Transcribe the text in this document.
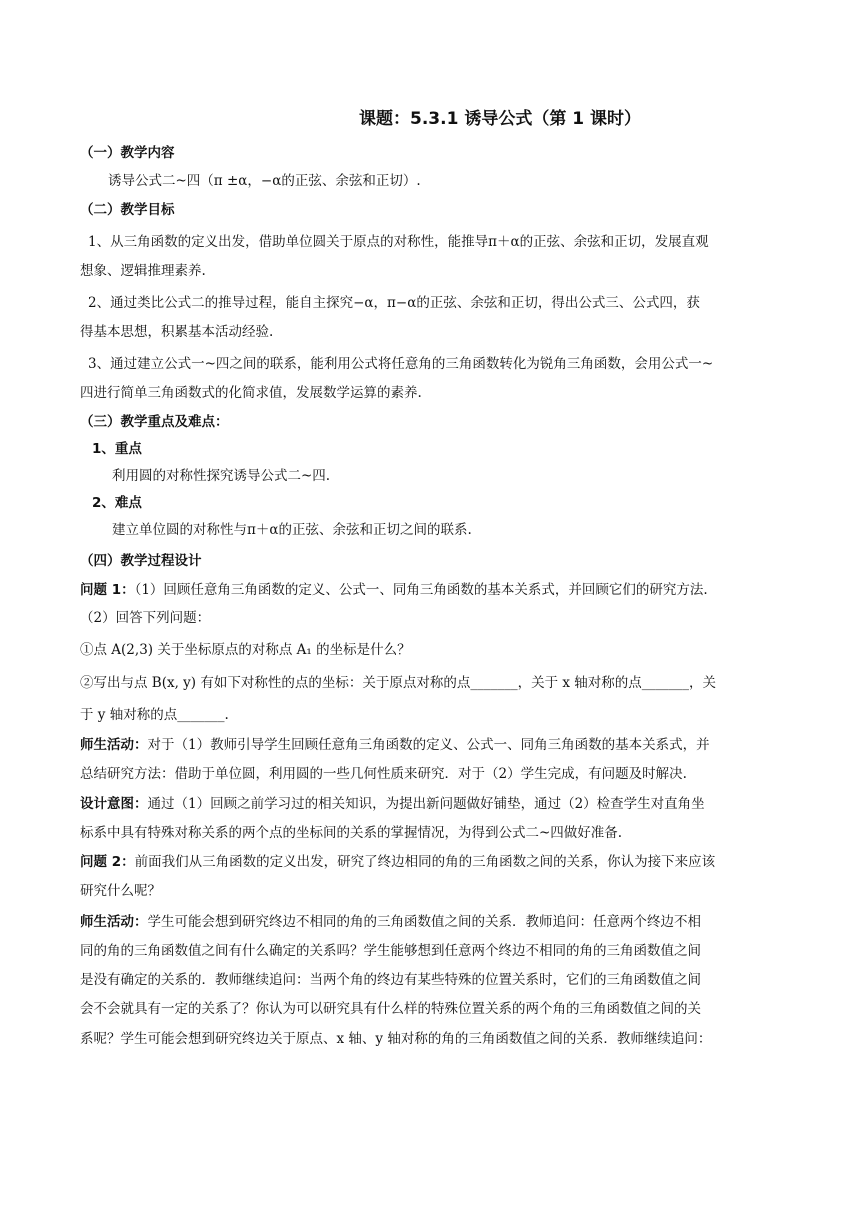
课题：5.3.1 诱导公式（第 1 课时）
（一）教学内容
诱导公式二~四（π ±α，−α的正弦、余弦和正切）.
（二）教学目标
1、从三角函数的定义出发，借助单位圆关于原点的对称性，能推导π＋α的正弦、余弦和正切，发展直观
想象、逻辑推理素养.
2、通过类比公式二的推导过程，能自主探究−α，π−α的正弦、余弦和正切，得出公式三、公式四，获
得基本思想，积累基本活动经验.
3、通过建立公式一~四之间的联系，能利用公式将任意角的三角函数转化为锐角三角函数，会用公式一~
四进行简单三角函数式的化简求值，发展数学运算的素养.
（三）教学重点及难点：
1、重点
利用圆的对称性探究诱导公式二~四.
2、难点
建立单位圆的对称性与π＋α的正弦、余弦和正切之间的联系.
（四）教学过程设计
问题 1：（1）回顾任意角三角函数的定义、公式一、同角三角函数的基本关系式，并回顾它们的研究方法.
（2）回答下列问题：
①点 A(2,3) 关于坐标原点的对称点 A₁ 的坐标是什么？
②写出与点 B(x, y) 有如下对称性的点的坐标：关于原点对称的点_______，关于 x 轴对称的点_______，关
于 y 轴对称的点_______.
师生活动：对于（1）教师引导学生回顾任意角三角函数的定义、公式一、同角三角函数的基本关系式，并
总结研究方法：借助于单位圆，利用圆的一些几何性质来研究．对于（2）学生完成，有问题及时解决.
设计意图：通过（1）回顾之前学习过的相关知识，为提出新问题做好铺垫，通过（2）检查学生对直角坐
标系中具有特殊对称关系的两个点的坐标间的关系的掌握情况，为得到公式二~四做好准备.
问题 2：前面我们从三角函数的定义出发，研究了终边相同的角的三角函数之间的关系，你认为接下来应该
研究什么呢？
师生活动：学生可能会想到研究终边不相同的角的三角函数值之间的关系．教师追问：任意两个终边不相
同的角的三角函数值之间有什么确定的关系吗？学生能够想到任意两个终边不相同的角的三角函数值之间
是没有确定的关系的．教师继续追问：当两个角的终边有某些特殊的位置关系时，它们的三角函数值之间
会不会就具有一定的关系了？你认为可以研究具有什么样的特殊位置关系的两个角的三角函数值之间的关
系呢？学生可能会想到研究终边关于原点、x 轴、y 轴对称的角的三角函数值之间的关系．教师继续追问：
